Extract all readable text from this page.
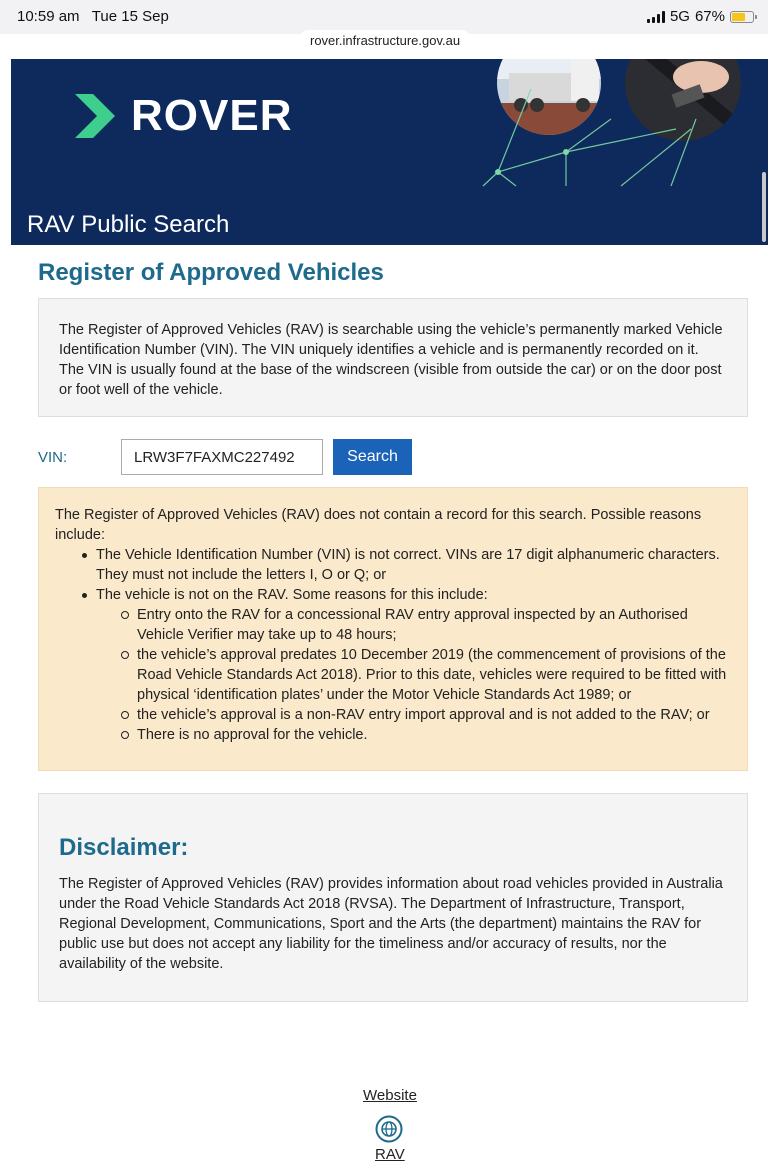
10:59 am Tue 15 Sep	5G 67%
rover.infrastructure.gov.au
ROVER
RAV Public Search
Register of Approved Vehicles

The Register of Approved Vehicles (RAV) is searchable using the vehicle’s permanently marked Vehicle Identification Number (VIN). The VIN uniquely identifies a vehicle and is permanently recorded on it. The VIN is usually found at the base of the windscreen (visible from outside the car) or on the door post or foot well of the vehicle.

VIN:
LRW3F7FAXMC227492	Search

The Register of Approved Vehicles (RAV) does not contain a record for this search. Possible reasons include:

The Vehicle Identification Number (VIN) is not correct. VINs are 17 digit alphanumeric characters. They must not include the letters I, O or Q; or
The vehicle is not on the RAV. Some reasons for this include:
Entry onto the RAV for a concessional RAV entry approval inspected by an Authorised Vehicle Verifier may take up to 48 hours;
the vehicle’s approval predates 10 December 2019 (the commencement of provisions of the Road Vehicle Standards Act 2018). Prior to this date, vehicles were required to be fitted with physical ‘identification plates’ under the Motor Vehicle Standards Act 1989; or
the vehicle’s approval is a non-RAV entry import approval and is not added to the RAV; or
There is no approval for the vehicle.
Disclaimer:

The Register of Approved Vehicles (RAV) provides information about road vehicles provided in Australia under the Road Vehicle Standards Act 2018 (RVSA). The Department of Infrastructure, Transport, Regional Development, Communications, Sport and the Arts (the department) maintains the RAV for public use but does not accept any liability for the timeliness and/or accuracy of results, nor the availability of the website.

Website
RAV
